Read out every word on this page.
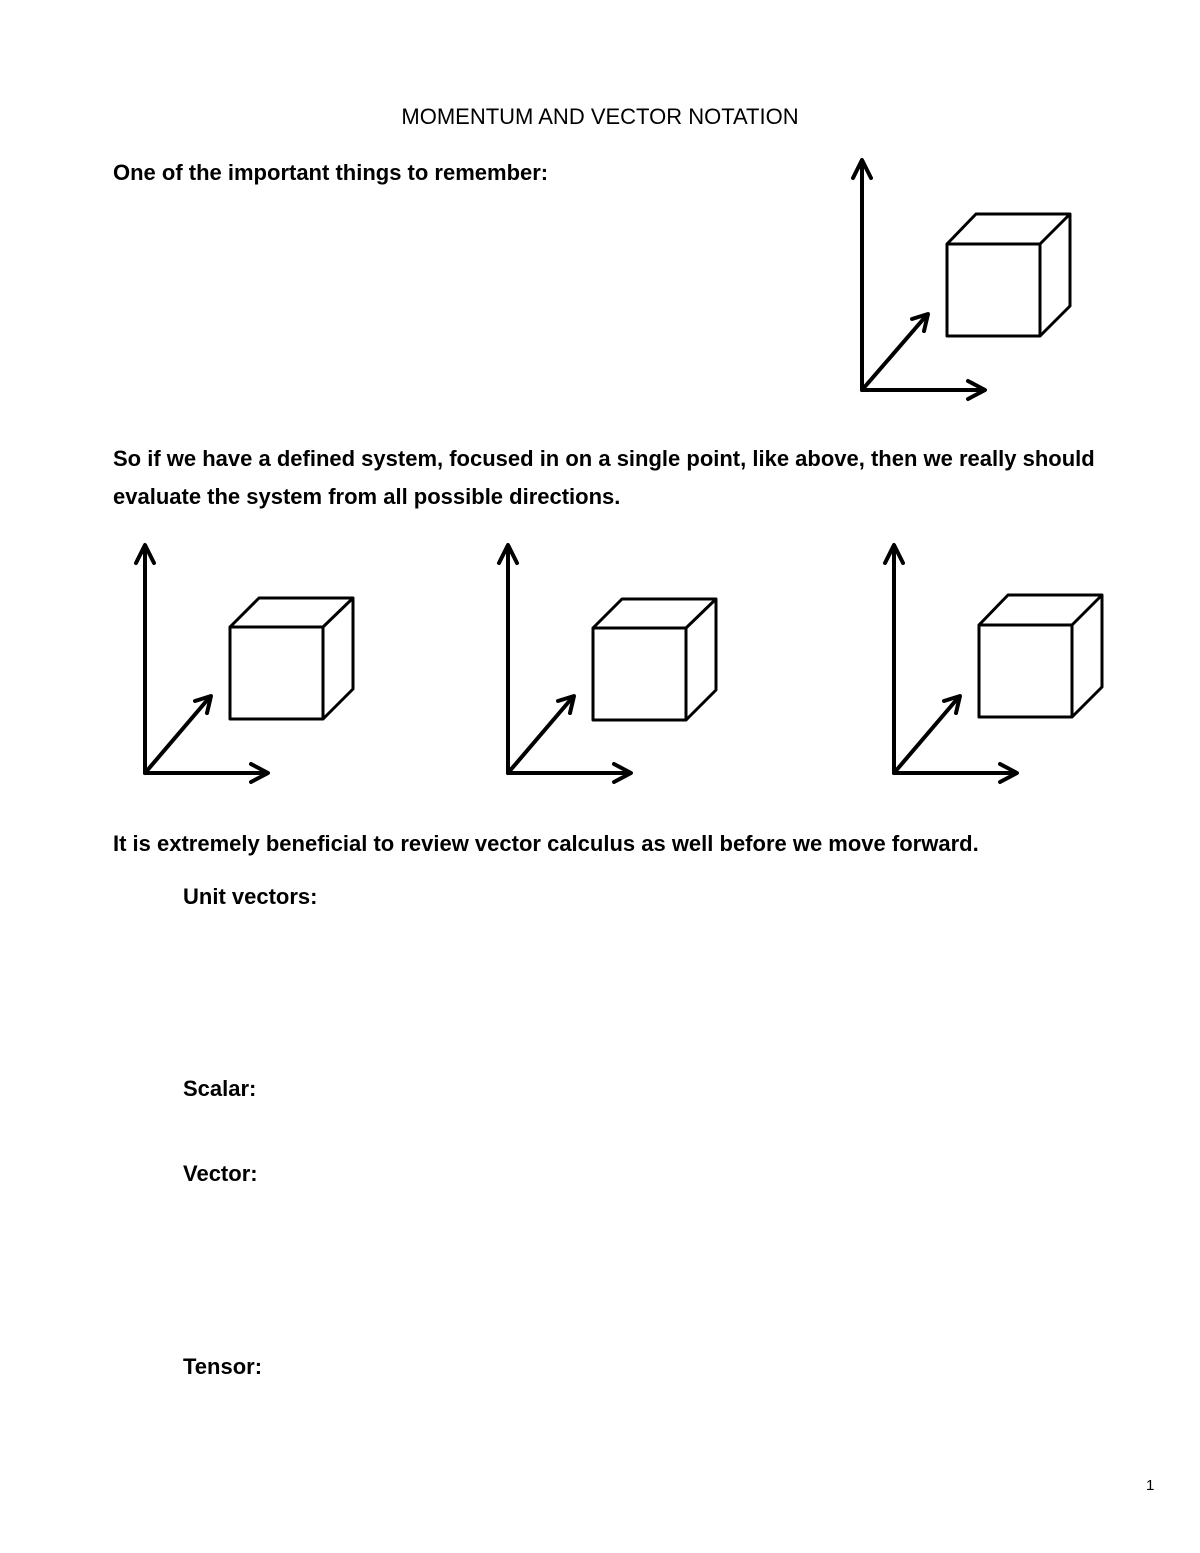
MOMENTUM AND VECTOR NOTATION
One of the important things to remember:
So if we have a defined system, focused in on a single point, like above, then we really should evaluate the system from all possible directions.
It is extremely beneficial to review vector calculus as well before we move forward.
Unit vectors:
Scalar:
Vector:
Tensor:
1
